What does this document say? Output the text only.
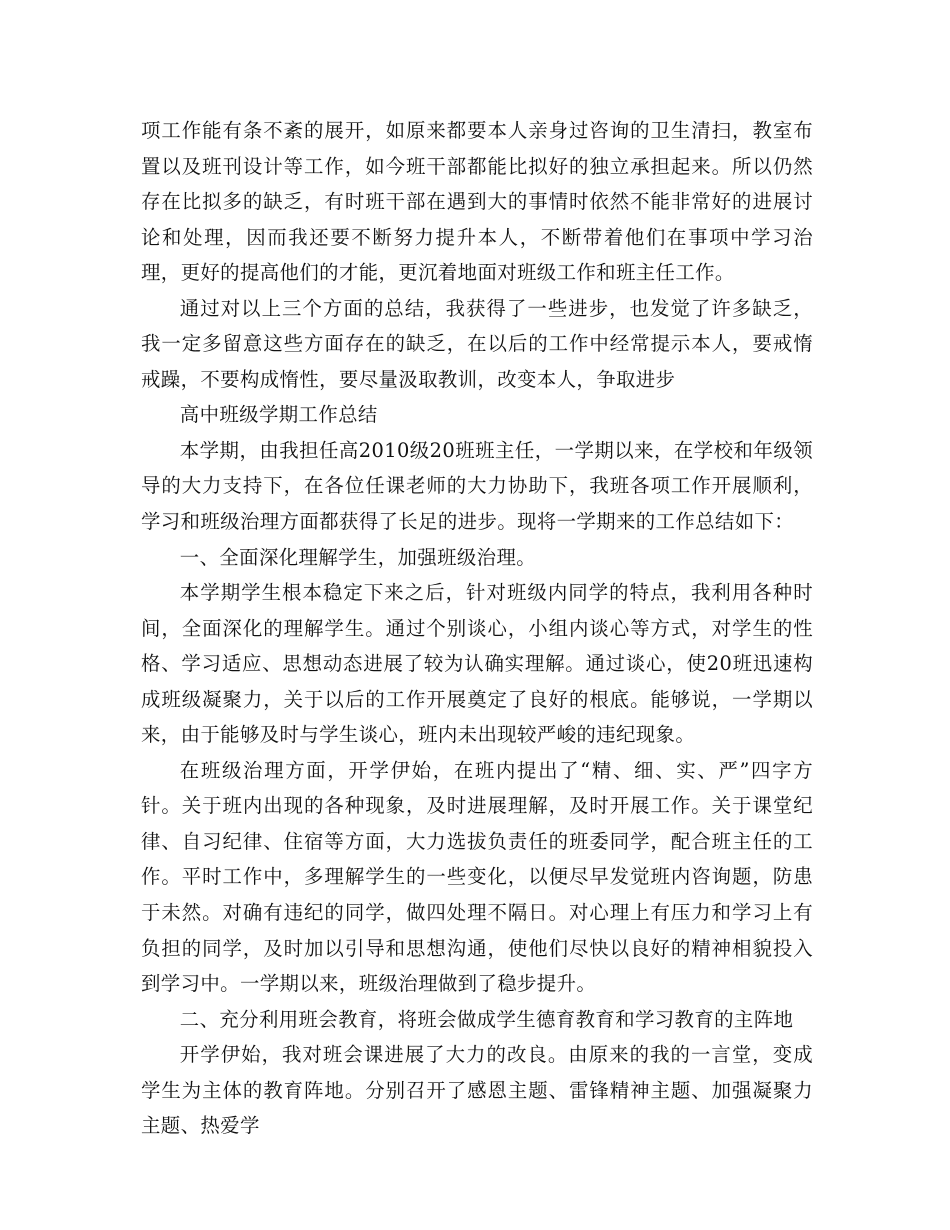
项工作能有条不紊的展开，如原来都要本人亲身过咨询的卫生清扫，教室布置以及班刊设计等工作，如今班干部都能比拟好的独立承担起来。所以仍然存在比拟多的缺乏，有时班干部在遇到大的事情时依然不能非常好的进展讨论和处理，因而我还要不断努力提升本人，不断带着他们在事项中学习治理，更好的提高他们的才能，更沉着地面对班级工作和班主任工作。

通过对以上三个方面的总结，我获得了一些进步，也发觉了许多缺乏，我一定多留意这些方面存在的缺乏，在以后的工作中经常提示本人，要戒惰戒躁，不要构成惰性，要尽量汲取教训，改变本人，争取进步

高中班级学期工作总结

本学期，由我担任高2010级20班班主任，一学期以来，在学校和年级领导的大力支持下，在各位任课老师的大力协助下，我班各项工作开展顺利，学习和班级治理方面都获得了长足的进步。现将一学期来的工作总结如下：

一、全面深化理解学生，加强班级治理。

本学期学生根本稳定下来之后，针对班级内同学的特点，我利用各种时间，全面深化的理解学生。通过个别谈心，小组内谈心等方式，对学生的性格、学习适应、思想动态进展了较为认确实理解。通过谈心，使20班迅速构成班级凝聚力，关于以后的工作开展奠定了良好的根底。能够说，一学期以来，由于能够及时与学生谈心，班内未出现较严峻的违纪现象。

在班级治理方面，开学伊始，在班内提出了“精、细、实、严”四字方针。关于班内出现的各种现象，及时进展理解，及时开展工作。关于课堂纪律、自习纪律、住宿等方面，大力选拔负责任的班委同学，配合班主任的工作。平时工作中，多理解学生的一些变化，以便尽早发觉班内咨询题，防患于未然。对确有违纪的同学，做四处理不隔日。对心理上有压力和学习上有负担的同学，及时加以引导和思想沟通，使他们尽快以良好的精神相貌投入到学习中。一学期以来，班级治理做到了稳步提升。

二、充分利用班会教育，将班会做成学生德育教育和学习教育的主阵地

开学伊始，我对班会课进展了大力的改良。由原来的我的一言堂，变成学生为主体的教育阵地。分别召开了感恩主题、雷锋精神主题、加强凝聚力主题、热爱学
